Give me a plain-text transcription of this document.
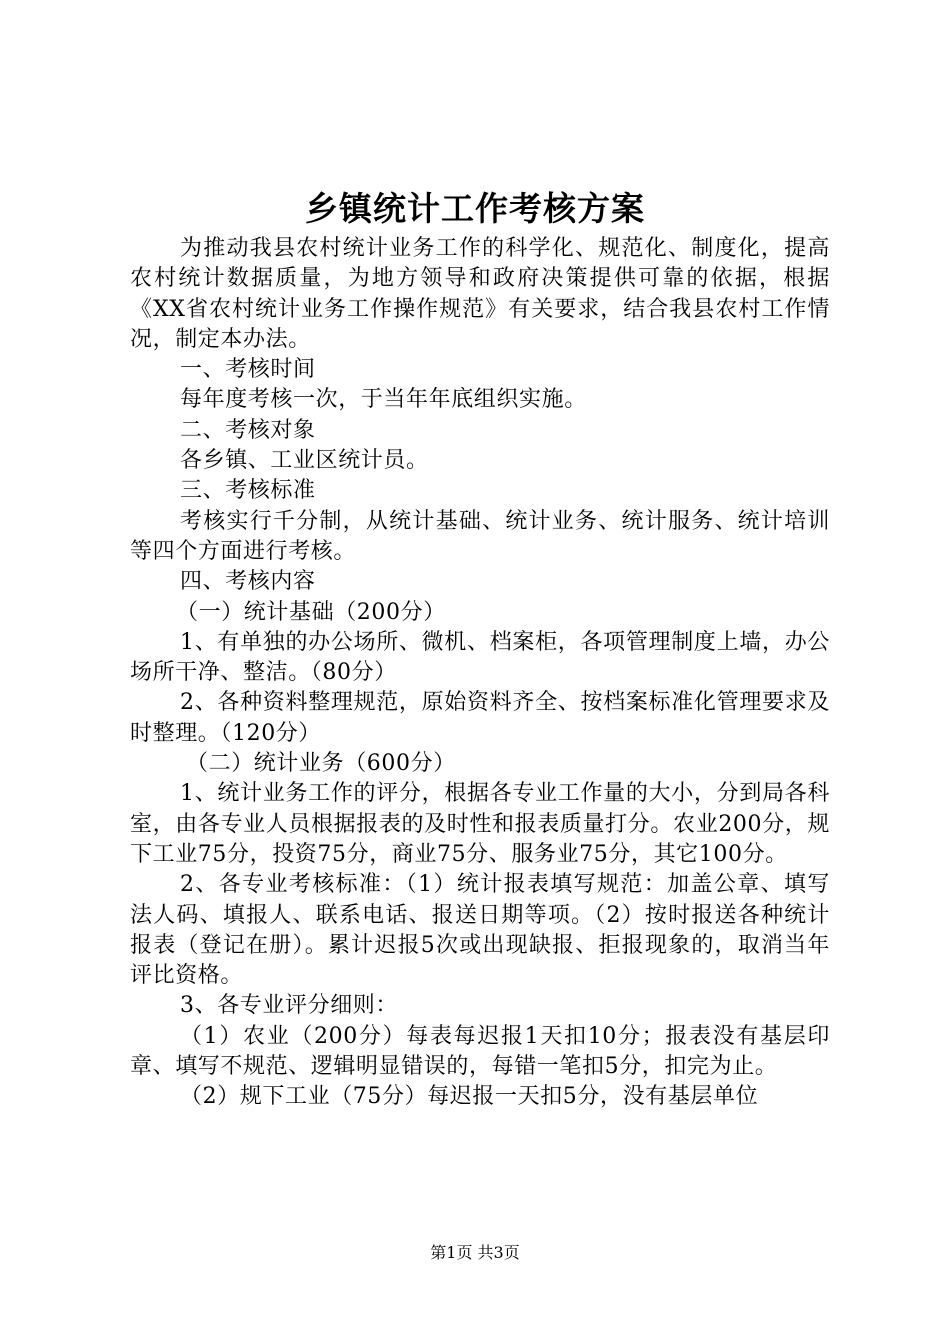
乡镇统计工作考核方案

为推动我县农村统计业务工作的科学化、规范化、制度化，提高农村统计数据质量，为地方领导和政府决策提供可靠的依据，根据《XX省农村统计业务工作操作规范》有关要求，结合我县农村工作情况，制定本办法。

一、考核时间

每年度考核一次，于当年年底组织实施。

二、考核对象

各乡镇、工业区统计员。

三、考核标准

考核实行千分制，从统计基础、统计业务、统计服务、统计培训等四个方面进行考核。

四、考核内容

（一）统计基础（200分）

1、有单独的办公场所、微机、档案柜，各项管理制度上墙，办公场所干净、整洁。（80分）

2、各种资料整理规范，原始资料齐全、按档案标准化管理要求及时整理。（120分）

（二）统计业务（600分）

1、统计业务工作的评分，根据各专业工作量的大小，分到局各科室，由各专业人员根据报表的及时性和报表质量打分。农业200分，规下工业75分，投资75分，商业75分、服务业75分，其它100分。

2、各专业考核标准：（1）统计报表填写规范：加盖公章、填写法人码、填报人、联系电话、报送日期等项。（2）按时报送各种统计报表（登记在册）。累计迟报5次或出现缺报、拒报现象的，取消当年评比资格。

3、各专业评分细则：

（1）农业（200分）每表每迟报1天扣10分；报表没有基层印章、填写不规范、逻辑明显错误的，每错一笔扣5分，扣完为止。

（2）规下工业（75分）每迟报一天扣5分，没有基层单位

第1页 共3页
